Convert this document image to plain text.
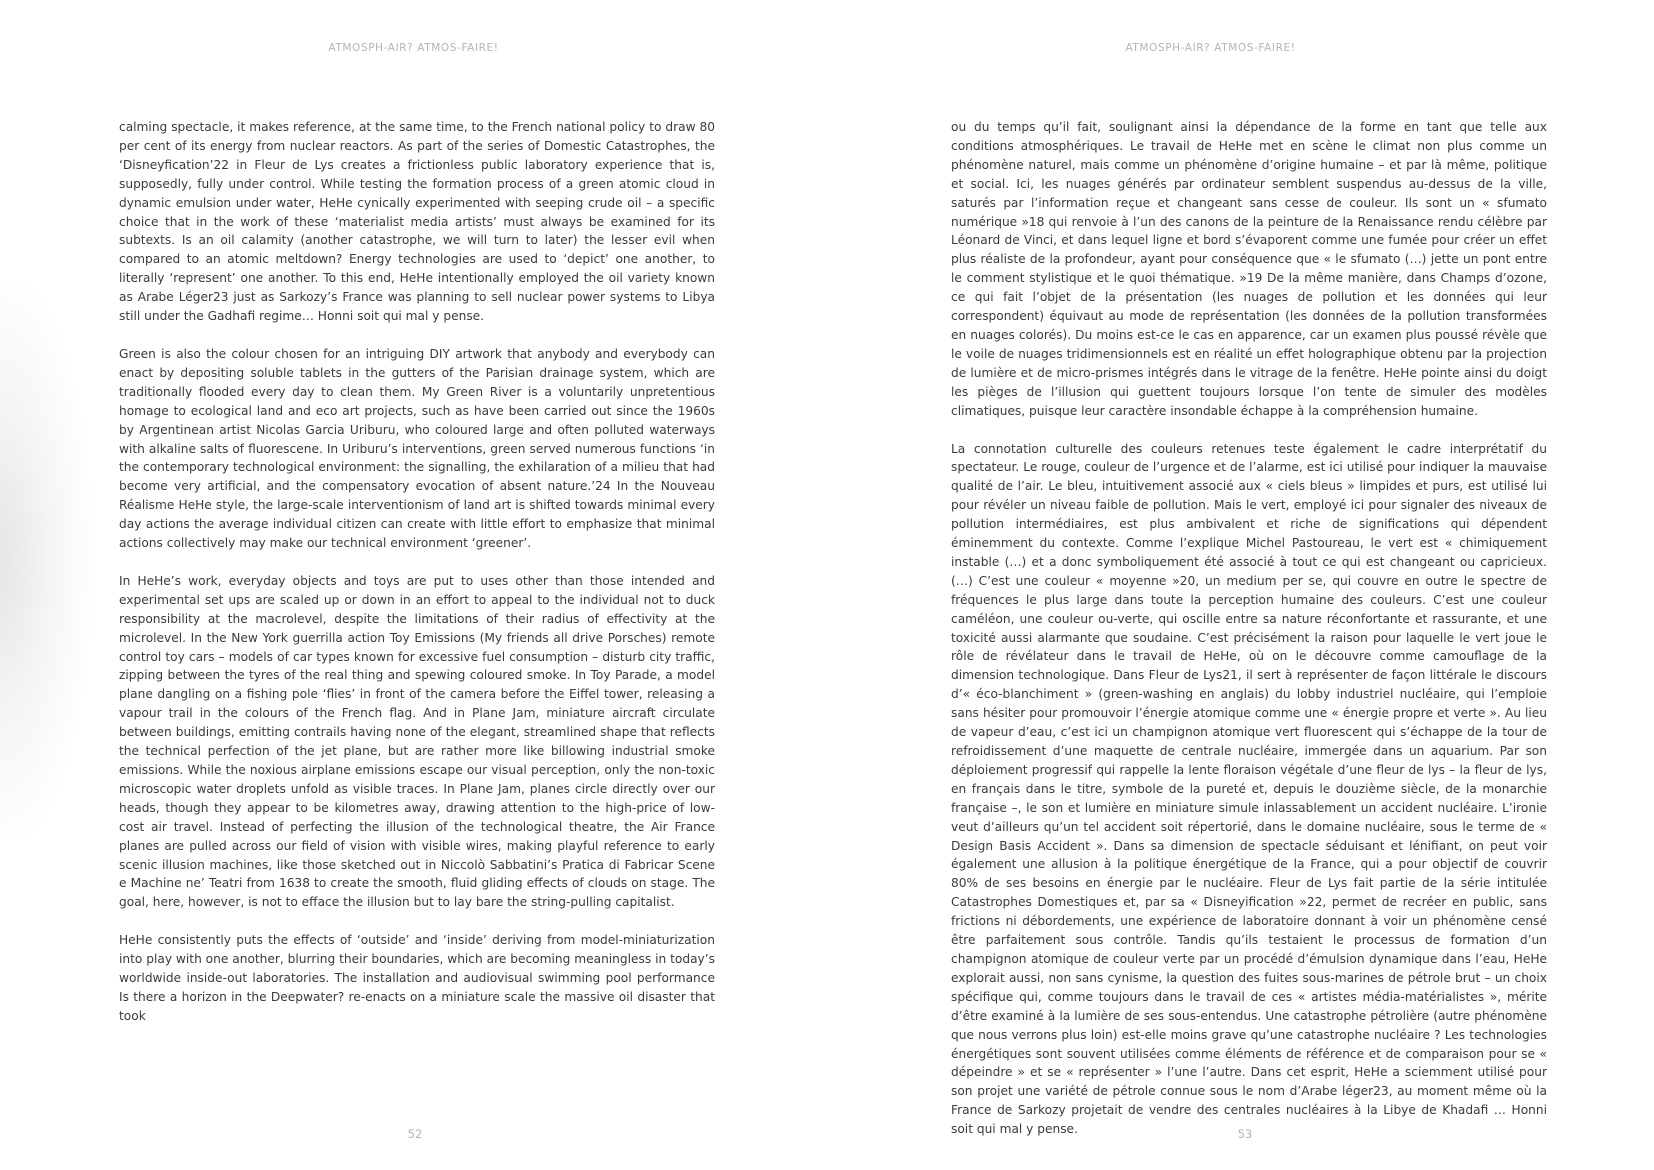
ATMOSPH-AIR? ATMOS-FAIRE!

calming spectacle, it makes reference, at the same time, to the French national policy to draw 80 per cent of its energy from nuclear reactors. As part of the series of Domestic Catastrophes, the ‘Disneyfication’22 in Fleur de Lys creates a frictionless public laboratory experience that is, supposedly, fully under control. While testing the formation process of a green atomic cloud in dynamic emulsion under water, HeHe cynically experimented with seeping crude oil – a specific choice that in the work of these ‘materialist media artists’ must always be examined for its subtexts. Is an oil calamity (another catastrophe, we will turn to later) the lesser evil when compared to an atomic meltdown? Energy technologies are used to ‘depict’ one another, to literally ‘represent’ one another. To this end, HeHe intentionally employed the oil variety known as Arabe Léger23 just as Sarkozy’s France was planning to sell nuclear power systems to Libya still under the Gadhafi regime… Honni soit qui mal y pense.

Green is also the colour chosen for an intriguing DIY artwork that anybody and everybody can enact by depositing soluble tablets in the gutters of the Parisian drainage system, which are traditionally flooded every day to clean them. My Green River is a voluntarily unpretentious homage to ecological land and eco art projects, such as have been carried out since the 1960s by Argentinean artist Nicolas Garcia Uriburu, who coloured large and often polluted waterways with alkaline salts of fluorescene. In Uriburu’s interventions, green served numerous functions ‘in the contemporary technological environment: the signalling, the exhilaration of a milieu that had become very artificial, and the compensatory evocation of absent nature.’24 In the Nouveau Réalisme HeHe style, the large-scale interventionism of land art is shifted towards minimal every day actions the average individual citizen can create with little effort to emphasize that minimal actions collectively may make our technical environment ‘greener’.

In HeHe’s work, everyday objects and toys are put to uses other than those intended and experimental set ups are scaled up or down in an effort to appeal to the individual not to duck responsibility at the macrolevel, despite the limitations of their radius of effectivity at the microlevel. In the New York guerrilla action Toy Emissions (My friends all drive Porsches) remote control toy cars – models of car types known for excessive fuel consumption – disturb city traffic, zipping between the tyres of the real thing and spewing coloured smoke. In Toy Parade, a model plane dangling on a fishing pole ‘flies’ in front of the camera before the Eiffel tower, releasing a vapour trail in the colours of the French flag. And in Plane Jam, miniature aircraft circulate between buildings, emitting contrails having none of the elegant, streamlined shape that reflects the technical perfection of the jet plane, but are rather more like billowing industrial smoke emissions. While the noxious airplane emissions escape our visual perception, only the non-toxic microscopic water droplets unfold as visible traces. In Plane Jam, planes circle directly over our heads, though they appear to be kilometres away, drawing attention to the high-price of low-cost air travel. Instead of perfecting the illusion of the technological theatre, the Air France planes are pulled across our field of vision with visible wires, making playful reference to early scenic illusion machines, like those sketched out in Niccolò Sabbatini’s Pratica di Fabricar Scene e Machine ne’ Teatri from 1638 to create the smooth, fluid gliding effects of clouds on stage. The goal, here, however, is not to efface the illusion but to lay bare the string-pulling capitalist.

HeHe consistently puts the effects of ‘outside’ and ‘inside’ deriving from model-miniaturization into play with one another, blurring their boundaries, which are becoming meaningless in today’s worldwide inside-out laboratories. The installation and audiovisual swimming pool performance Is there a horizon in the Deepwater? re-enacts on a miniature scale the massive oil disaster that took

52
ATMOSPH-AIR? ATMOS-FAIRE!

ou du temps qu’il fait, soulignant ainsi la dépendance de la forme en tant que telle aux conditions atmosphériques. Le travail de HeHe met en scène le climat non plus comme un phénomène naturel, mais comme un phénomène d’origine humaine – et par là même, politique et social. Ici, les nuages générés par ordinateur semblent suspendus au-dessus de la ville, saturés par l’information reçue et changeant sans cesse de couleur. Ils sont un « sfumato numérique »18 qui renvoie à l’un des canons de la peinture de la Renaissance rendu célèbre par Léonard de Vinci, et dans lequel ligne et bord s’évaporent comme une fumée pour créer un effet plus réaliste de la profondeur, ayant pour conséquence que « le sfumato (…) jette un pont entre le comment stylistique et le quoi thématique. »19 De la même manière, dans Champs d’ozone, ce qui fait l’objet de la présentation (les nuages de pollution et les données qui leur correspondent) équivaut au mode de représentation (les données de la pollution transformées en nuages colorés). Du moins est-ce le cas en apparence, car un examen plus poussé révèle que le voile de nuages tridimensionnels est en réalité un effet holographique obtenu par la projection de lumière et de micro-prismes intégrés dans le vitrage de la fenêtre. HeHe pointe ainsi du doigt les pièges de l’illusion qui guettent toujours lorsque l’on tente de simuler des modèles climatiques, puisque leur caractère insondable échappe à la compréhension humaine.

La connotation culturelle des couleurs retenues teste également le cadre interprétatif du spectateur. Le rouge, couleur de l’urgence et de l’alarme, est ici utilisé pour indiquer la mauvaise qualité de l’air. Le bleu, intuitivement associé aux « ciels bleus » limpides et purs, est utilisé lui pour révéler un niveau faible de pollution. Mais le vert, employé ici pour signaler des niveaux de pollution intermédiaires, est plus ambivalent et riche de significations qui dépendent éminemment du contexte. Comme l’explique Michel Pastoureau, le vert est « chimiquement instable (…) et a donc symboliquement été associé à tout ce qui est changeant ou capricieux. (…) C’est une couleur « moyenne »20, un medium per se, qui couvre en outre le spectre de fréquences le plus large dans toute la perception humaine des couleurs. C’est une couleur caméléon, une couleur ou-verte, qui oscille entre sa nature réconfortante et rassurante, et une toxicité aussi alarmante que soudaine. C’est précisément la raison pour laquelle le vert joue le rôle de révélateur dans le travail de HeHe, où on le découvre comme camouflage de la dimension technologique. Dans Fleur de Lys21, il sert à représenter de façon littérale le discours d’« éco-blanchiment » (green-washing en anglais) du lobby industriel nucléaire, qui l’emploie sans hésiter pour promouvoir l’énergie atomique comme une « énergie propre et verte ». Au lieu de vapeur d’eau, c’est ici un champignon atomique vert fluorescent qui s’échappe de la tour de refroidissement d’une maquette de centrale nucléaire, immergée dans un aquarium. Par son déploiement progressif qui rappelle la lente floraison végétale d’une fleur de lys – la fleur de lys, en français dans le titre, symbole de la pureté et, depuis le douzième siècle, de la monarchie française –, le son et lumière en miniature simule inlassablement un accident nucléaire. L’ironie veut d’ailleurs qu’un tel accident soit répertorié, dans le domaine nucléaire, sous le terme de « Design Basis Accident ». Dans sa dimension de spectacle séduisant et lénifiant, on peut voir également une allusion à la politique énergétique de la France, qui a pour objectif de couvrir 80% de ses besoins en énergie par le nucléaire. Fleur de Lys fait partie de la série intitulée Catastrophes Domestiques et, par sa « Disneyification »22, permet de recréer en public, sans frictions ni débordements, une expérience de laboratoire donnant à voir un phénomène censé être parfaitement sous contrôle. Tandis qu’ils testaient le processus de formation d’un champignon atomique de couleur verte par un procédé d’émulsion dynamique dans l’eau, HeHe explorait aussi, non sans cynisme, la question des fuites sous-marines de pétrole brut – un choix spécifique qui, comme toujours dans le travail de ces « artistes média-matérialistes », mérite d’être examiné à la lumière de ses sous-entendus. Une catastrophe pétrolière (autre phénomène que nous verrons plus loin) est-elle moins grave qu’une catastrophe nucléaire ? Les technologies énergétiques sont souvent utilisées comme éléments de référence et de comparaison pour se « dépeindre » et se « représenter » l’une l’autre. Dans cet esprit, HeHe a sciemment utilisé pour son projet une variété de pétrole connue sous le nom d’Arabe léger23, au moment même où la France de Sarkozy projetait de vendre des centrales nucléaires à la Libye de Khadafi … Honni soit qui mal y pense.	53
